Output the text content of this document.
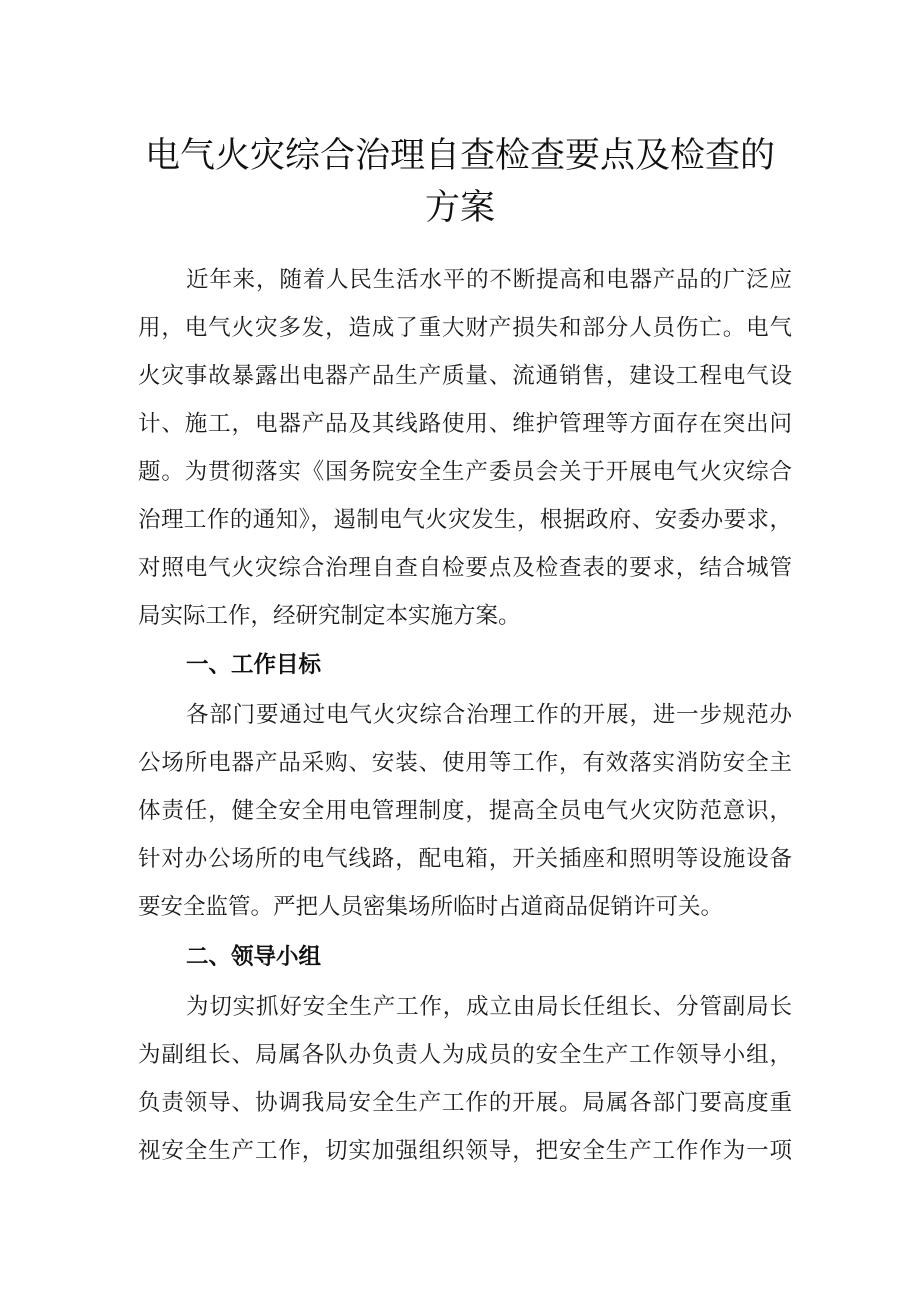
电气火灾综合治理自查检查要点及检查的
方案
近年来，随着人民生活水平的不断提高和电器产品的广泛应
用，电气火灾多发，造成了重大财产损失和部分人员伤亡。电气
火灾事故暴露出电器产品生产质量、流通销售，建设工程电气设
计、施工，电器产品及其线路使用、维护管理等方面存在突出问
题。为贯彻落实《国务院安全生产委员会关于开展电气火灾综合
治理工作的通知》，遏制电气火灾发生，根据政府、安委办要求，
对照电气火灾综合治理自查自检要点及检查表的要求，结合城管
局实际工作，经研究制定本实施方案。
一、工作目标
各部门要通过电气火灾综合治理工作的开展，进一步规范办
公场所电器产品采购、安装、使用等工作，有效落实消防安全主
体责任，健全安全用电管理制度，提高全员电气火灾防范意识，
针对办公场所的电气线路，配电箱，开关插座和照明等设施设备
要安全监管。严把人员密集场所临时占道商品促销许可关。
二、领导小组
为切实抓好安全生产工作，成立由局长任组长、分管副局长
为副组长、局属各队办负责人为成员的安全生产工作领导小组，
负责领导、协调我局安全生产工作的开展。局属各部门要高度重
视安全生产工作，切实加强组织领导，把安全生产工作作为一项
